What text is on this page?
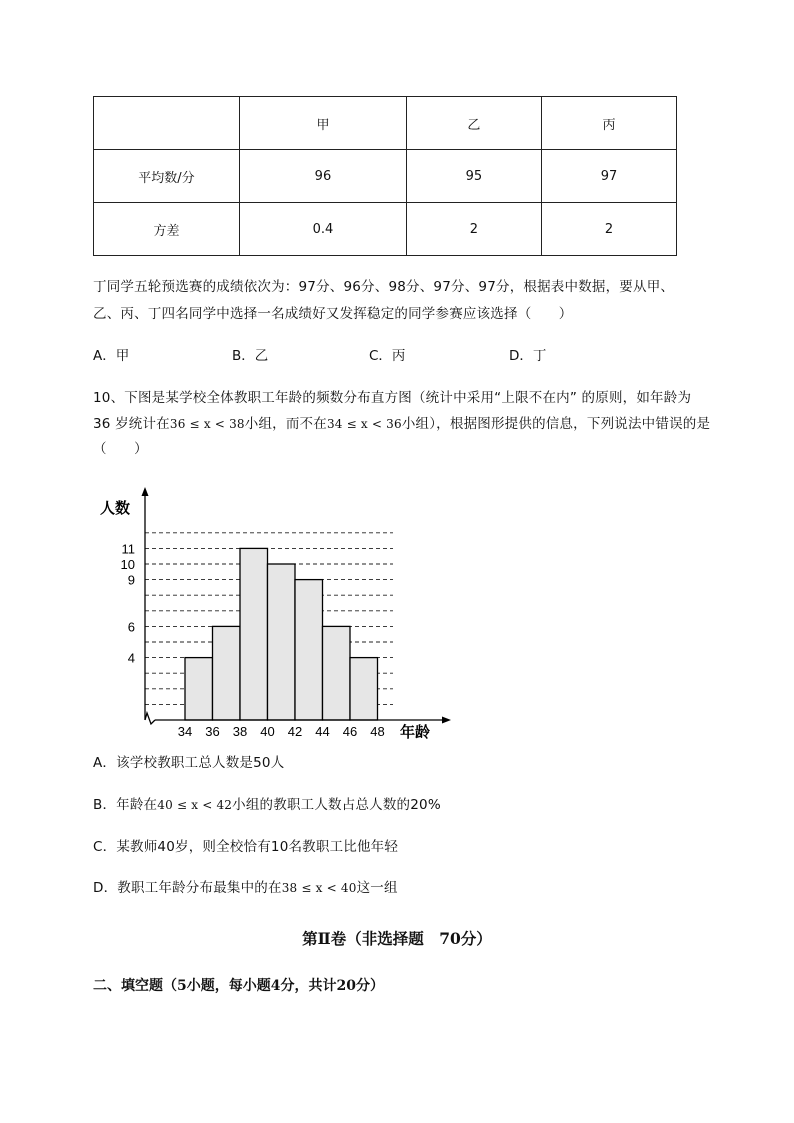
	甲	乙	丙
平均数/分	96	95	97
方差	0.4	2	2
丁同学五轮预选赛的成绩依次为：97分、96分、98分、97分、97分，根据表中数据，要从甲、
乙、丙、丁四名同学中选择一名成绩好又发挥稳定的同学参赛应该选择（　　）
A．甲	B．乙	C．丙	D．丁
10、下图是某学校全体教职工年龄的频数分布直方图（统计中采用“上限不在内” 的原则，如年龄为
36 岁统计在36 ≤ x < 38小组，而不在34 ≤ x < 36小组），根据图形提供的信息，下列说法中错误的是
（　　）
人数
年龄
4
6
9
10
11
34 36 38 40 42 44 46 48
A．该学校教职工总人数是50人
B．年龄在40 ≤ x < 42小组的教职工人数占总人数的20%
C．某教师40岁，则全校恰有10名教职工比他年轻
D．教职工年龄分布最集中的在38 ≤ x < 40这一组
第Ⅱ卷（非选择题　70分）
二、填空题（5小题，每小题4分，共计20分）
